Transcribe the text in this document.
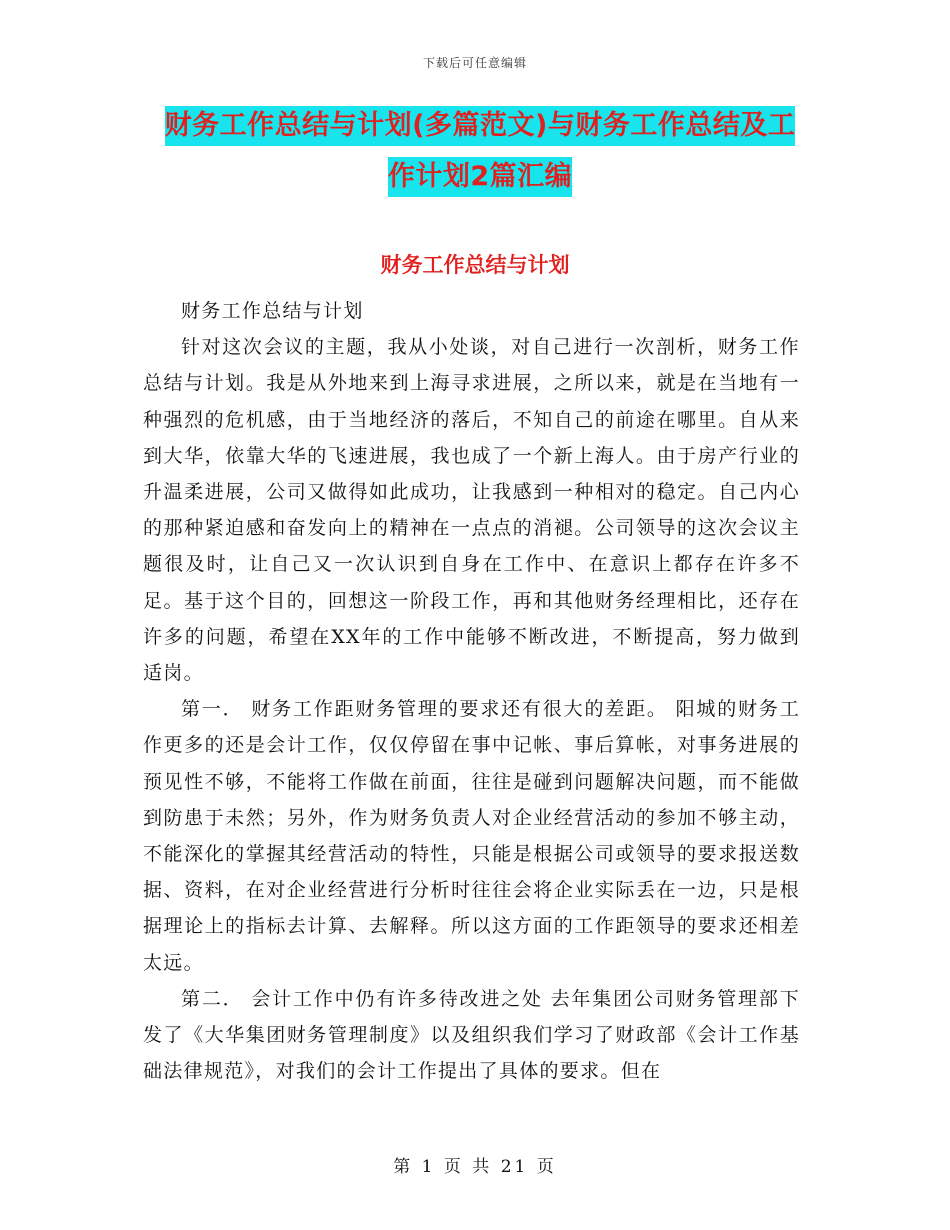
下载后可任意编辑
财务工作总结与计划(多篇范文)与财务工作总结及工
作计划2篇汇编
财务工作总结与计划

财务工作总结与计划

针对这次会议的主题，我从小处谈，对自己进行一次剖析，财务工作总结与计划。我是从外地来到上海寻求进展，之所以来，就是在当地有一种强烈的危机感，由于当地经济的落后，不知自己的前途在哪里。自从来到大华，依靠大华的飞速进展，我也成了一个新上海人。由于房产行业的升温柔进展，公司又做得如此成功，让我感到一种相对的稳定。自己内心的那种紧迫感和奋发向上的精神在一点点的消褪。公司领导的这次会议主题很及时，让自己又一次认识到自身在工作中、在意识上都存在许多不足。基于这个目的，回想这一阶段工作，再和其他财务经理相比，还存在许多的问题，希望在XX年的工作中能够不断改进，不断提高，努力做到适岗。

第一． 财务工作距财务管理的要求还有很大的差距。 阳城的财务工作更多的还是会计工作，仅仅停留在事中记帐、事后算帐，对事务进展的预见性不够，不能将工作做在前面，往往是碰到问题解决问题，而不能做到防患于未然；另外，作为财务负责人对企业经营活动的参加不够主动，不能深化的掌握其经营活动的特性，只能是根据公司或领导的要求报送数据、资料，在对企业经营进行分析时往往会将企业实际丢在一边，只是根据理论上的指标去计算、去解释。所以这方面的工作距领导的要求还相差太远。

第二． 会计工作中仍有许多待改进之处 去年集团公司财务管理部下发了《大华集团财务管理制度》以及组织我们学习了财政部《会计工作基础法律规范》，对我们的会计工作提出了具体的要求。但在

第 1 页 共 21 页
